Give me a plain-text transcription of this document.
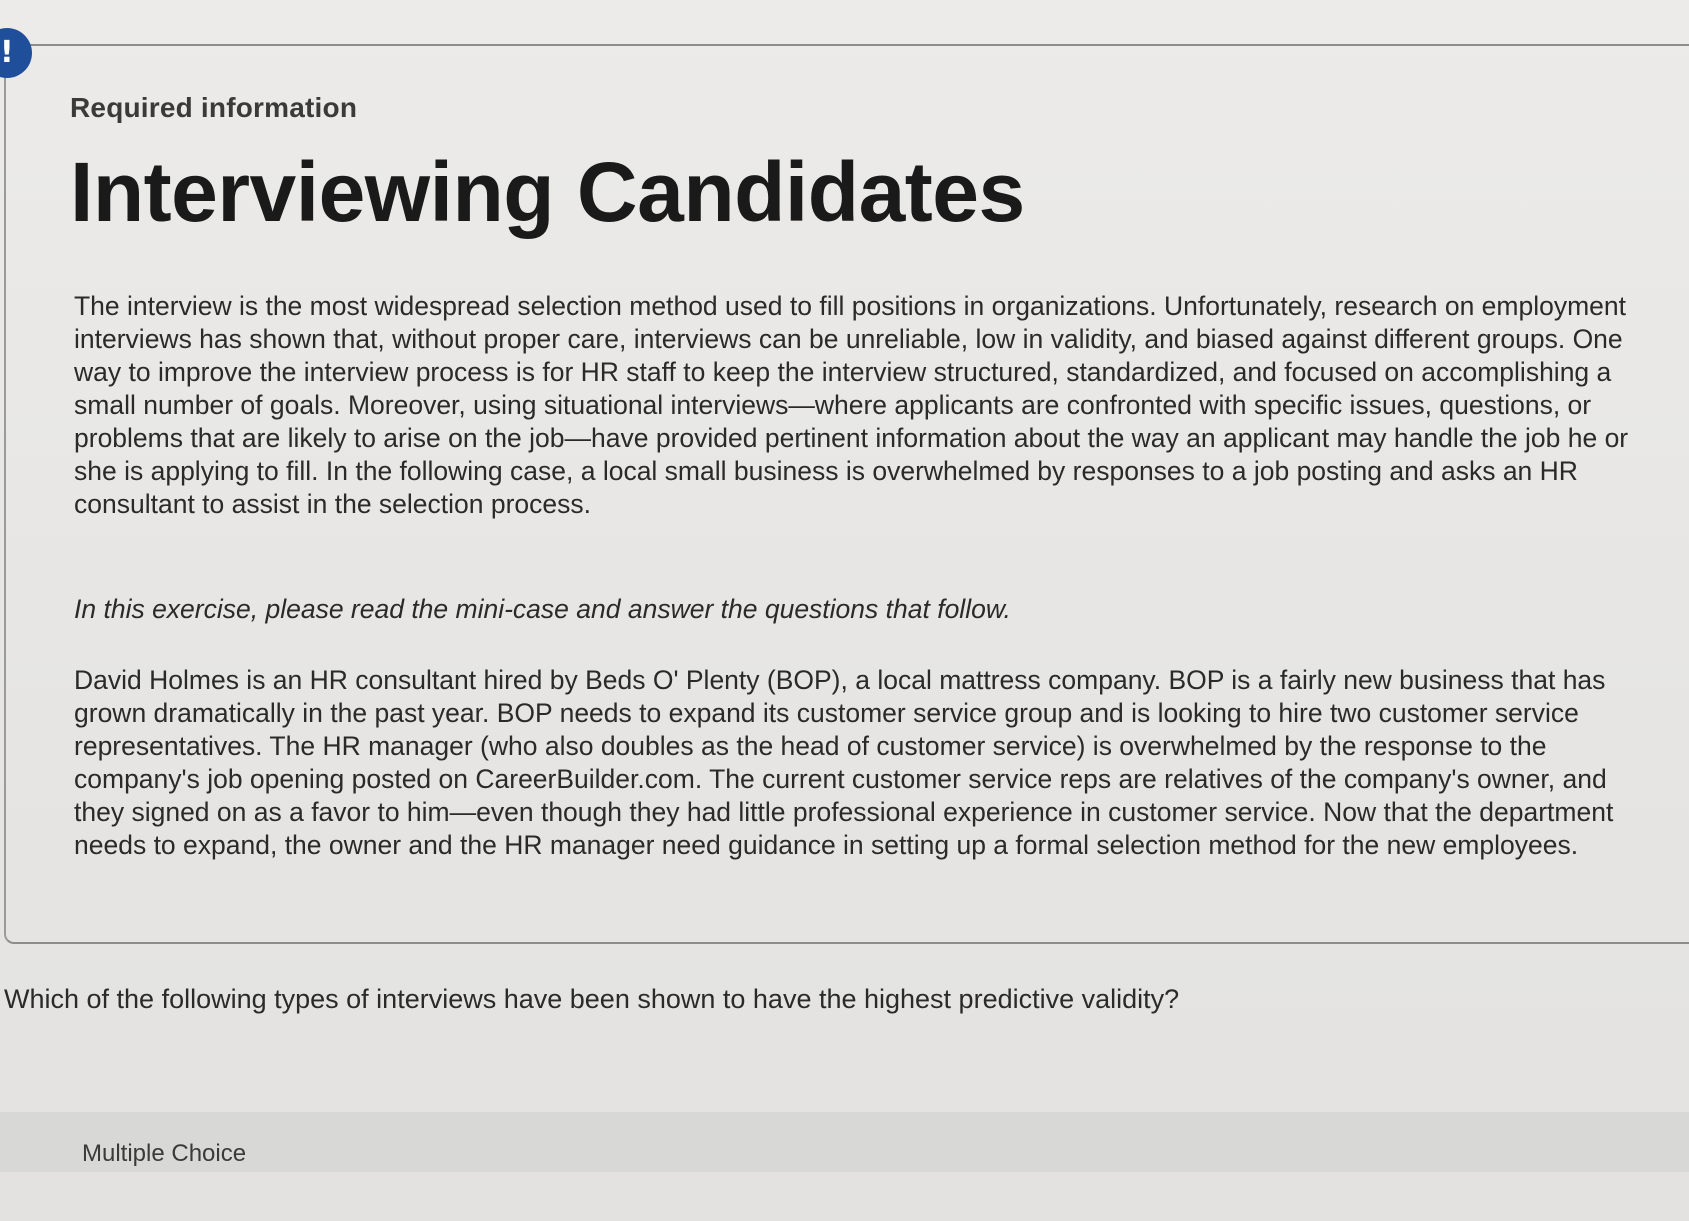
!
Required information
Interviewing Candidates

The interview is the most widespread selection method used to fill positions in organizations. Unfortunately, research on employment interviews has shown that, without proper care, interviews can be unreliable, low in validity, and biased against different groups. One way to improve the interview process is for HR staff to keep the interview structured, standardized, and focused on accomplishing a small number of goals. Moreover, using situational interviews—where applicants are confronted with specific issues, questions, or problems that are likely to arise on the job—have provided pertinent information about the way an applicant may handle the job he or she is applying to fill. In the following case, a local small business is overwhelmed by responses to a job posting and asks an HR consultant to assist in the selection process.

In this exercise, please read the mini-case and answer the questions that follow.

David Holmes is an HR consultant hired by Beds O' Plenty (BOP), a local mattress company. BOP is a fairly new business that has grown dramatically in the past year. BOP needs to expand its customer service group and is looking to hire two customer service representatives. The HR manager (who also doubles as the head of customer service) is overwhelmed by the response to the company's job opening posted on CareerBuilder.com. The current customer service reps are relatives of the company's owner, and they signed on as a favor to him—even though they had little professional experience in customer service. Now that the department needs to expand, the owner and the HR manager need guidance in setting up a formal selection method for the new employees.

Which of the following types of interviews have been shown to have the highest predictive validity?

Multiple Choice
